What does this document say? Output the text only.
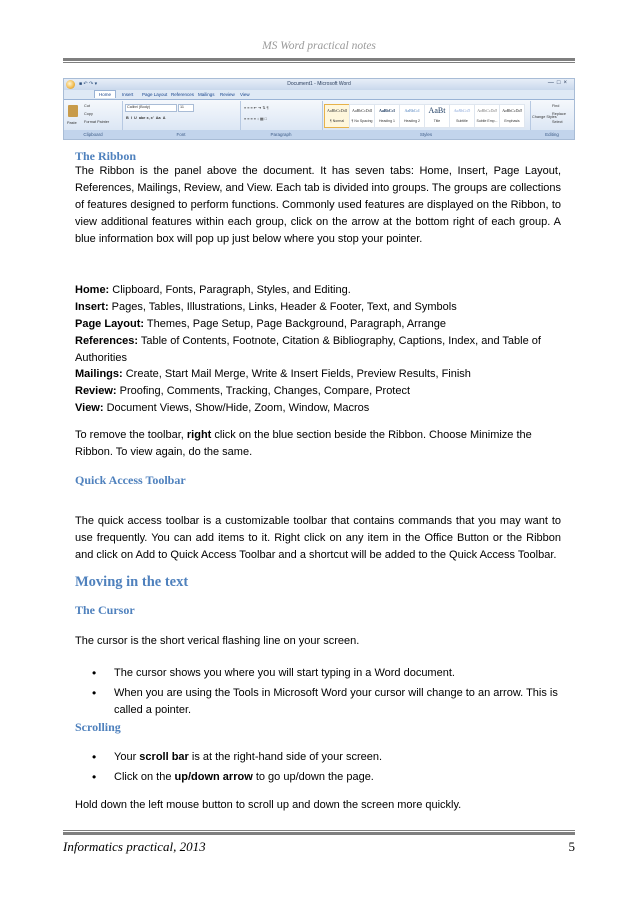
MS Word practical notes
■ ↶ ↷ ▾	Document1 - Microsoft Word	—□×
Home	Insert	Page Layout References Mailings	Review	View
Paste
Cut
Copy
Format Painter
Calibri (Body)	11
B  I  U  abe x, x'  Aa  A
≡ ≡ ≡ ⇤ ⇥ ⇅ ¶
≡ ≡ ≡ ≡ ↕ ▦ □
AaBbCcDdI
¶ Normal
AaBbCcDdI
¶ No Spacing
AaBbCcI
Heading 1
AaBbCcI
Heading 2
AaBt
Title
AaBbCcD
Subtitle
AaBbCcDdI
Subtle Emp...
AaBbCcDdI
Emphasis
Change Styles
Find
Replace
Select
Clipboard	Font	Paragraph	Styles	Editing
The Ribbon

The Ribbon is the panel above the document. It has seven tabs: Home, Insert, Page Layout, References, Mailings, Review, and View. Each tab is divided into groups. The groups are collections of features designed to perform functions. Commonly used features are displayed on the Ribbon, to view additional features within each group, click on the arrow at the bottom right of each group. A blue information box will pop up just below where you stop your pointer.

Home: Clipboard, Fonts, Paragraph, Styles, and Editing.
Insert: Pages, Tables, Illustrations, Links, Header & Footer, Text, and Symbols
Page Layout: Themes, Page Setup, Page Background, Paragraph, Arrange
References: Table of Contents, Footnote, Citation & Bibliography, Captions, Index, and Table of
Authorities
Mailings: Create, Start Mail Merge, Write & Insert Fields, Preview Results, Finish
Review: Proofing, Comments, Tracking, Changes, Compare, Protect
View: Document Views, Show/Hide, Zoom, Window, Macros
To remove the toolbar, right click on the blue section beside the Ribbon. Choose Minimize the
Ribbon. To view again, do the same.
Quick Access Toolbar

The quick access toolbar is a customizable toolbar that contains commands that you may want to use frequently. You can add items to it. Right click on any item in the Office Button or the Ribbon and click on Add to Quick Access Toolbar and a shortcut will be added to the Quick Access Toolbar.

Moving in the text
The Cursor
The cursor is the short verical flashing line on your screen.
• The cursor shows you where you will start typing in a Word document.
• When you are using the Tools in Microsoft Word your cursor will change to an arrow. This is called a pointer.
Scrolling
• Your scroll bar is at the right-hand side of your screen.
• Click on the up/down arrow to go up/down the page.
Hold down the left mouse button to scroll up and down the screen more quickly.
Informatics practical, 2013	5
